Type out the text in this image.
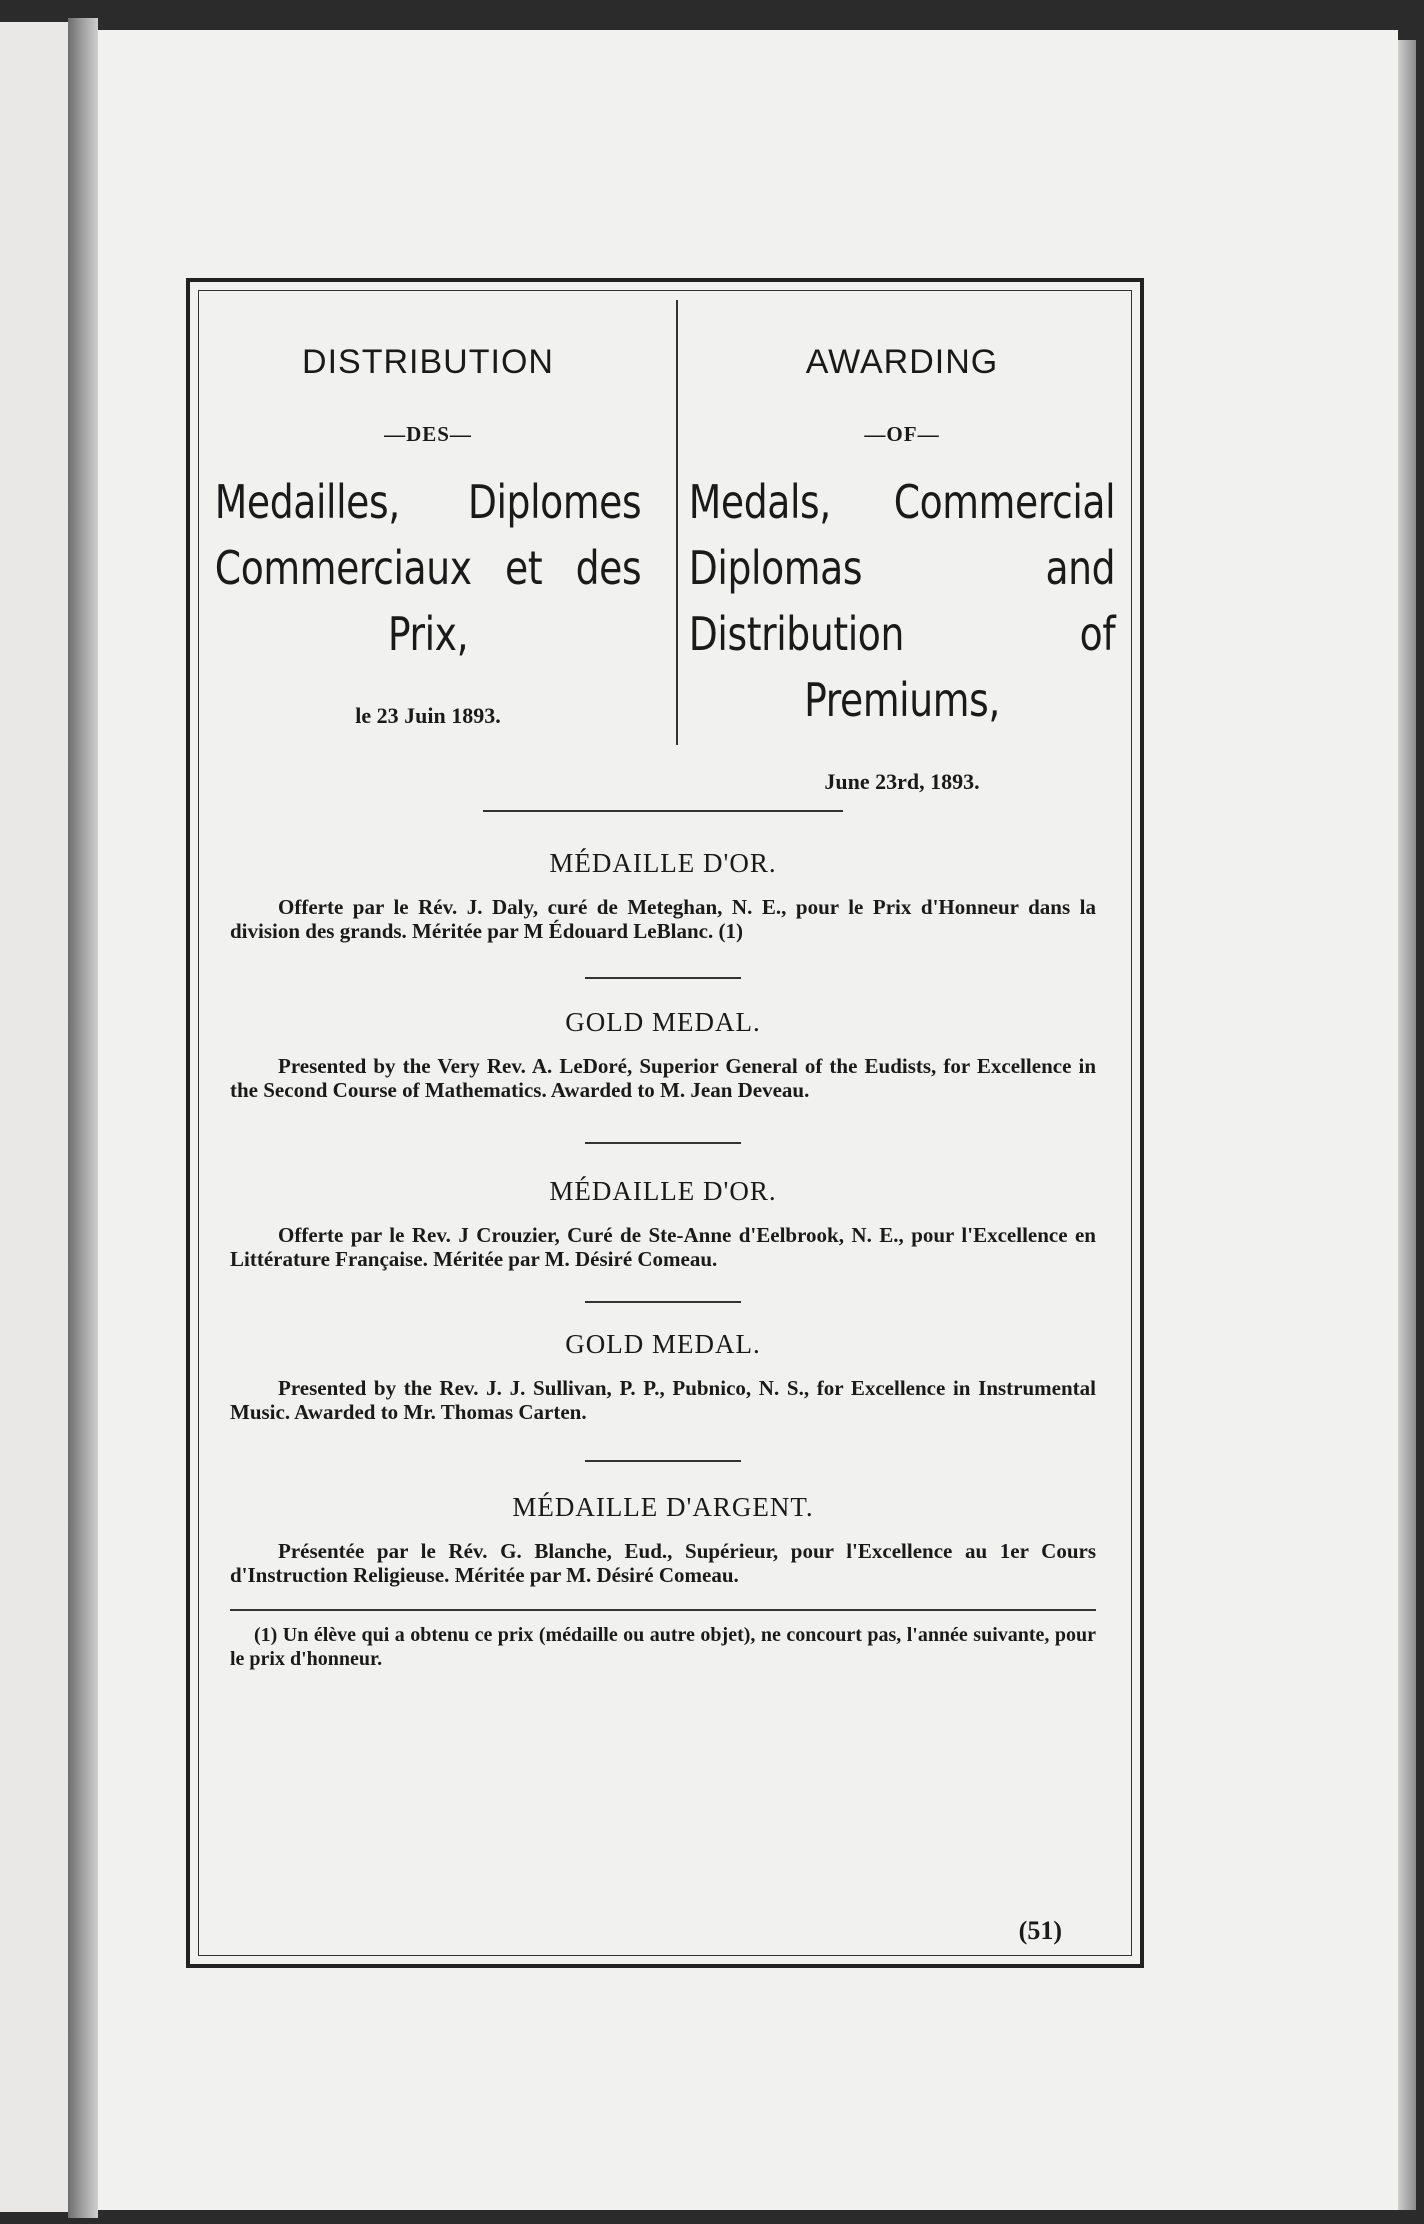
DISTRIBUTION

—DES—
Medailles, Diplomes Commerciaux et des Prix,
le 23 Juin 1893.

AWARDING

—OF—
Medals, Commercial Diplomas and Distribution of Premiums,
June 23rd, 1893.

MÉDAILLE D'OR.

Offerte par le Rév. J. Daly, curé de Meteghan, N. E., pour le Prix d'Honneur dans la division des grands. Méritée par M Édouard LeBlanc. (1)

GOLD MEDAL.

Presented by the Very Rev. A. LeDoré, Superior General of the Eudists, for Excellence in the Second Course of Mathematics. Awarded to M. Jean Deveau.

MÉDAILLE D'OR.

Offerte par le Rev. J Crouzier, Curé de Ste-Anne d'Eelbrook, N. E., pour l'Excellence en Littérature Française. Méritée par M. Désiré Comeau.

GOLD MEDAL.

Presented by the Rev. J. J. Sullivan, P. P., Pubnico, N. S., for Excellence in Instrumental Music. Awarded to Mr. Thomas Carten.

MÉDAILLE D'ARGENT.

Présentée par le Rév. G. Blanche, Eud., Supérieur, pour l'Excellence au 1er Cours d'Instruction Religieuse. Méritée par M. Désiré Comeau.

(1) Un élève qui a obtenu ce prix (médaille ou autre objet), ne concourt pas, l'année suivante, pour le prix d'honneur.

(51)
